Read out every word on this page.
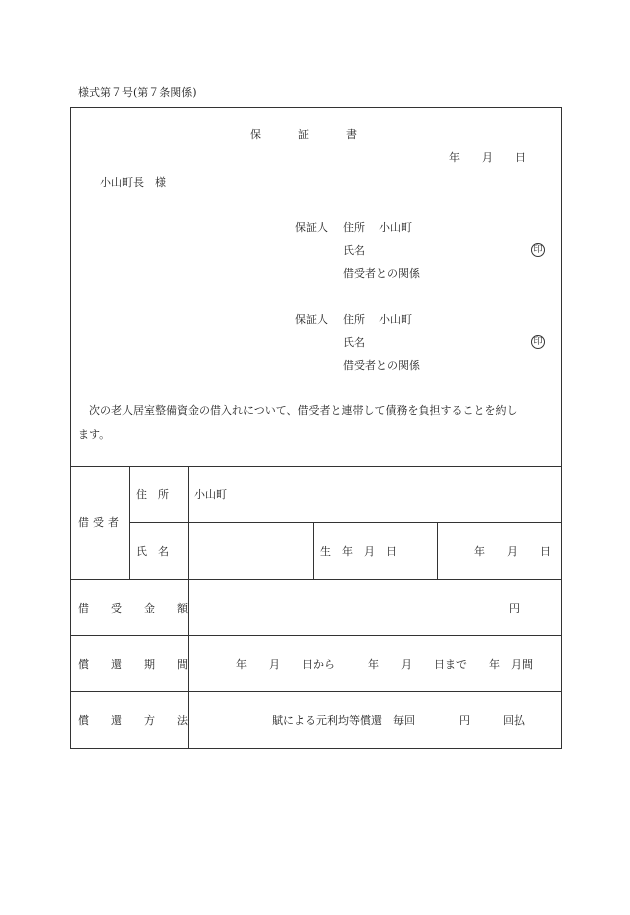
様式第７号(第７条関係)
保　　　証　　　書
年　　月　　日
小山町長　様
保証人 住所 小山町
氏名	印
借受者との関係
保証人 住所 小山町
氏名	印
借受者との関係
次の老人居室整備資金の借入れについて、借受者と連帯して債務を負担することを約し
ます。
借受者
住　所 小山町
氏　名	生　年　月　日	年　　月　　日
借受金額	円
償還期間 年　　月　　日から　　　年　　月　　日まで　　年　月間
償還方法	賦による元利均等償還　毎回　　　　円　　　回払
